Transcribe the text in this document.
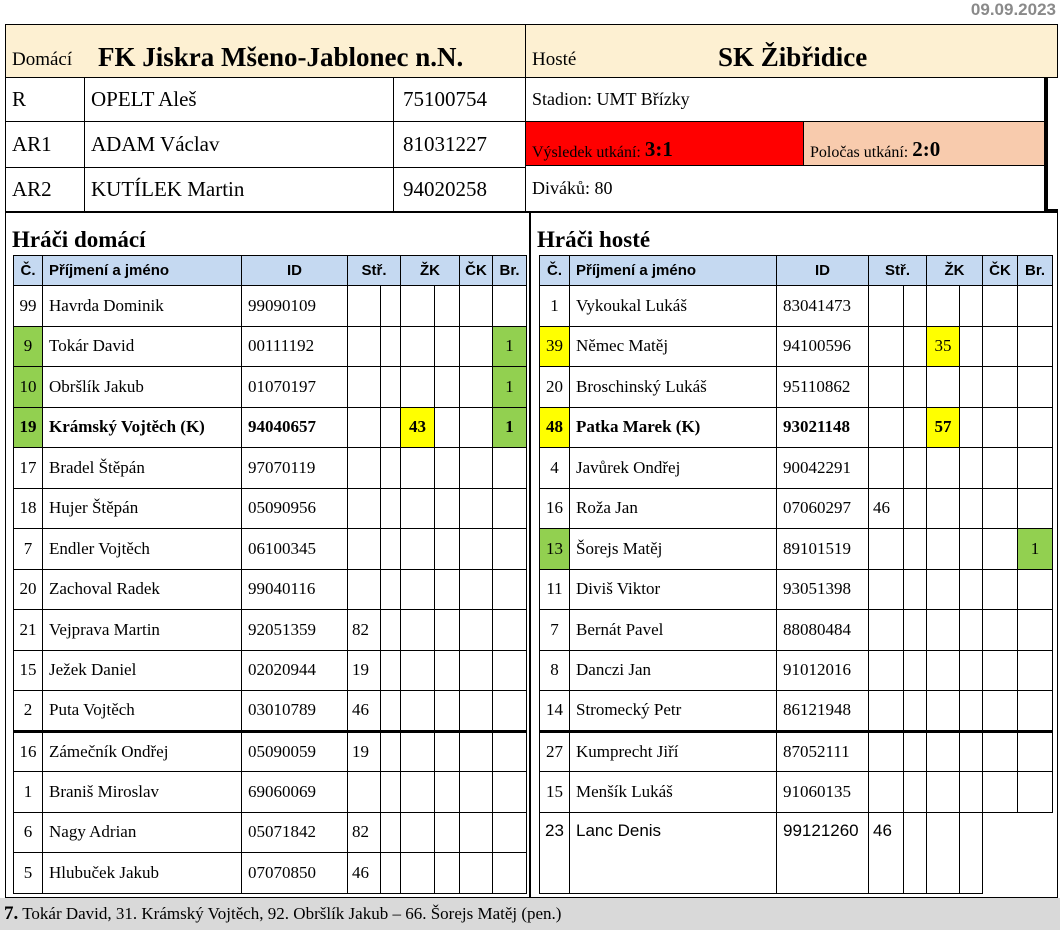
09.09.2023
Domácí FK Jiskra Mšeno-Jablonec n.N.	Hosté	SK Žibřidice
R	OPELT Aleš	75100754
AR1	ADAM Václav	81031227
AR2	KUTÍLEK Martin	94020258
Stadion:
UMT Břízky
Výsledek utkání:
3:1	Poločas utkání:
2:0
Diváků:
80
Hráči domácí
Č.	Příjmení a jméno	ID	Stř.		ŽK		ČK	Br.
99	Havrda Dominik	99090109						
9	Tokár David	00111192						1
10	Obršlík Jakub	01070197						1
19	Krámský Vojtěch (K)	94040657			43			1
17	Bradel Štěpán	97070119						
18	Hujer Štěpán	05090956						
7	Endler Vojtěch	06100345						
20	Zachoval Radek	99040116						
21	Vejprava Martin	92051359	82					
15	Ježek Daniel	02020944	19					
2	Puta Vojtěch	03010789	46					
16	Zámečník Ondřej	05090059	19					
1	Braniš Miroslav	69060069						
6	Nagy Adrian	05071842	82					
5	Hlubuček Jakub	07070850	46					
Hráči hosté
Č.	Příjmení a jméno	ID	Stř.		ŽK		ČK	Br.
1	Vykoukal Lukáš	83041473						
39	Němec Matěj	94100596			35			
20	Broschinský Lukáš	95110862						
48	Patka Marek (K)	93021148			57			
4	Javůrek Ondřej	90042291						
16	Roža Jan	07060297	46					
13	Šorejs Matěj	89101519						1
11	Diviš Viktor	93051398						
7	Bernát Pavel	88080484						
8	Danczi Jan	91012016						
14	Stromecký Petr	86121948						
27	Kumprecht Jiří	87052111						
15	Menšík Lukáš	91060135						
23	Lanc Denis	99121260	46					
7. Tokár David, 31. Krámský Vojtěch, 92. Obršlík Jakub – 66. Šorejs Matěj (pen.)
